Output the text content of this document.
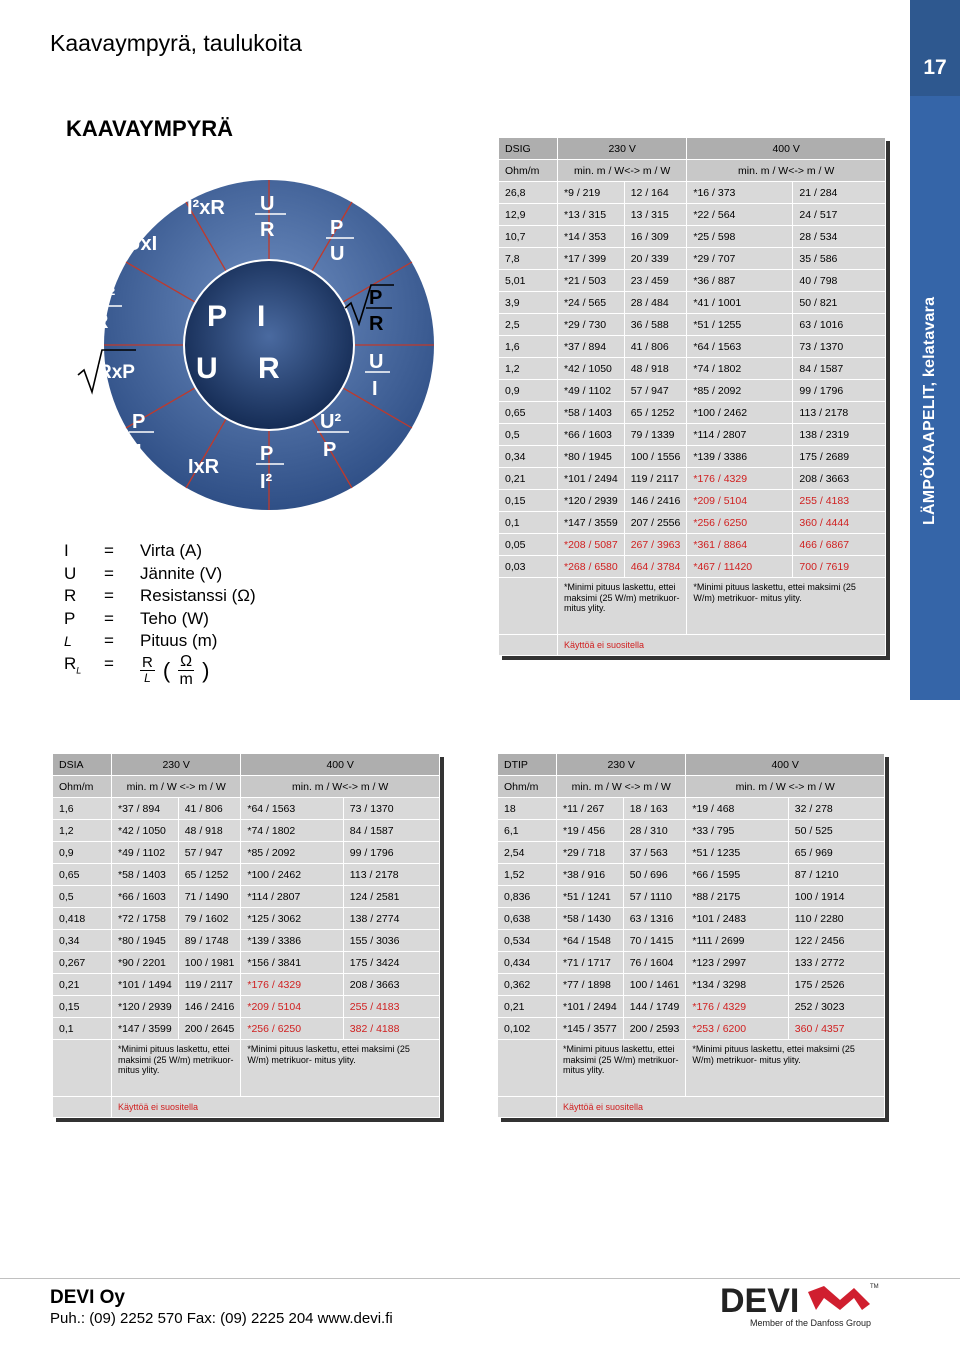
Kaavaympyrä, taulukoita
17
LÄMPÖKAAPELIT, kelatavara
KAAVAYMPYRÄ
P I
U R
UxI
I²xR U
R	P
U
U²
R
RxP
P
R
U
I
P
I
IxR
P
I²
U²
P
I	=	Virta (A)
U	=	Jännite (V)
R	=	Resistanssi (Ω)
P	=	Teho (W)
L	=	Pituus (m)
$R_L$	=	R
L ( Ω
m )
DSIG	230 V		400 V	
Ohm/m	min. m / W<-> m / W		min. m / W<-> m / W	
26,8	*9 / 219	12 / 164	*16 / 373	21 / 284
12,9	*13 / 315	13 / 315	*22 / 564	24 / 517
10,7	*14 / 353	16 / 309	*25 / 598	28 / 534
7,8	*17 / 399	20 / 339	*29 / 707	35 / 586
5,01	*21 / 503	23 / 459	*36 / 887	40 / 798
3,9	*24 / 565	28 / 484	*41 / 1001	50 / 821
2,5	*29 / 730	36 / 588	*51 / 1255	63 / 1016
1,6	*37 / 894	41 / 806	*64 / 1563	73 / 1370
1,2	*42 / 1050	48 / 918	*74 / 1802	84 / 1587
0,9	*49 / 1102	57 / 947	*85 / 2092	99 / 1796
0,65	*58 / 1403	65 / 1252	*100 / 2462	113 / 2178
0,5	*66 / 1603	79 / 1339	*114 / 2807	138 / 2319
0,34	*80 / 1945	100 / 1556	*139 / 3386	175 / 2689
0,21	*101 / 2494	119 / 2117	*176 / 4329	208 / 3663
0,15	*120 / 2939	146 / 2416	*209 / 5104	255 / 4183
0,1	*147 / 3559	207 / 2556	*256 / 6250	360 / 4444
0,05	*208 / 5087	267 / 3963	*361 / 8864	466 / 6867
0,03	*268 / 6580	464 / 3784	*467 / 11420	700 / 7619
	*Minimi pituus laskettu, ettei maksimi (25 W/m) metrikuor- mitus ylity.		*Minimi pituus laskettu, ettei maksimi (25 W/m) metrikuor- mitus ylity.	
	Käyttöä ei suositella			
DSIA	230 V		400 V	
Ohm/m	min. m / W <-> m / W		min. m / W<-> m / W	
1,6	*37 / 894	41 / 806	*64 / 1563	73 / 1370
1,2	*42 / 1050	48 / 918	*74 / 1802	84 / 1587
0,9	*49 / 1102	57 / 947	*85 / 2092	99 / 1796
0,65	*58 / 1403	65 / 1252	*100 / 2462	113 / 2178
0,5	*66 / 1603	71 / 1490	*114 / 2807	124 / 2581
0,418	*72 / 1758	79 / 1602	*125 / 3062	138 / 2774
0,34	*80 / 1945	89 / 1748	*139 / 3386	155 / 3036
0,267	*90 / 2201	100 / 1981	*156 / 3841	175 / 3424
0,21	*101 / 1494	119 / 2117	*176 / 4329	208 / 3663
0,15	*120 / 2939	146 / 2416	*209 / 5104	255 / 4183
0,1	*147 / 3599	200 / 2645	*256 / 6250	382 / 4188
	*Minimi pituus laskettu, ettei maksimi (25 W/m) metrikuor- mitus ylity.		*Minimi pituus laskettu, ettei maksimi (25 W/m) metrikuor- mitus ylity.	
	Käyttöä ei suositella			
DTIP	230 V		400 V	
Ohm/m	min. m / W <-> m / W		min. m / W <-> m / W	
18	*11 / 267	18 / 163	*19 / 468	32 / 278
6,1	*19 / 456	28 / 310	*33 / 795	50 / 525
2,54	*29 / 718	37 / 563	*51 / 1235	65 / 969
1,52	*38 / 916	50 / 696	*66 / 1595	87 / 1210
0,836	*51 / 1241	57 / 1110	*88 / 2175	100 / 1914
0,638	*58 / 1430	63 / 1316	*101 / 2483	110 / 2280
0,534	*64 / 1548	70 / 1415	*111 / 2699	122 / 2456
0,434	*71 / 1717	76 / 1604	*123 / 2997	133 / 2772
0,362	*77 / 1898	100 / 1461	*134 / 3298	175 / 2526
0,21	*101 / 2494	144 / 1749	*176 / 4329	252 / 3023
0,102	*145 / 3577	200 / 2593	*253 / 6200	360 / 4357
	*Minimi pituus laskettu, ettei maksimi (25 W/m) metrikuor- mitus ylity.		*Minimi pituus laskettu, ettei maksimi (25 W/m) metrikuor- mitus ylity.	
	Käyttöä ei suositella			
DEVI Oy
Puh.: (09) 2252 570 Fax: (09) 2225 204 www.devi.fi	DEVI	TM
Member of the Danfoss Group
